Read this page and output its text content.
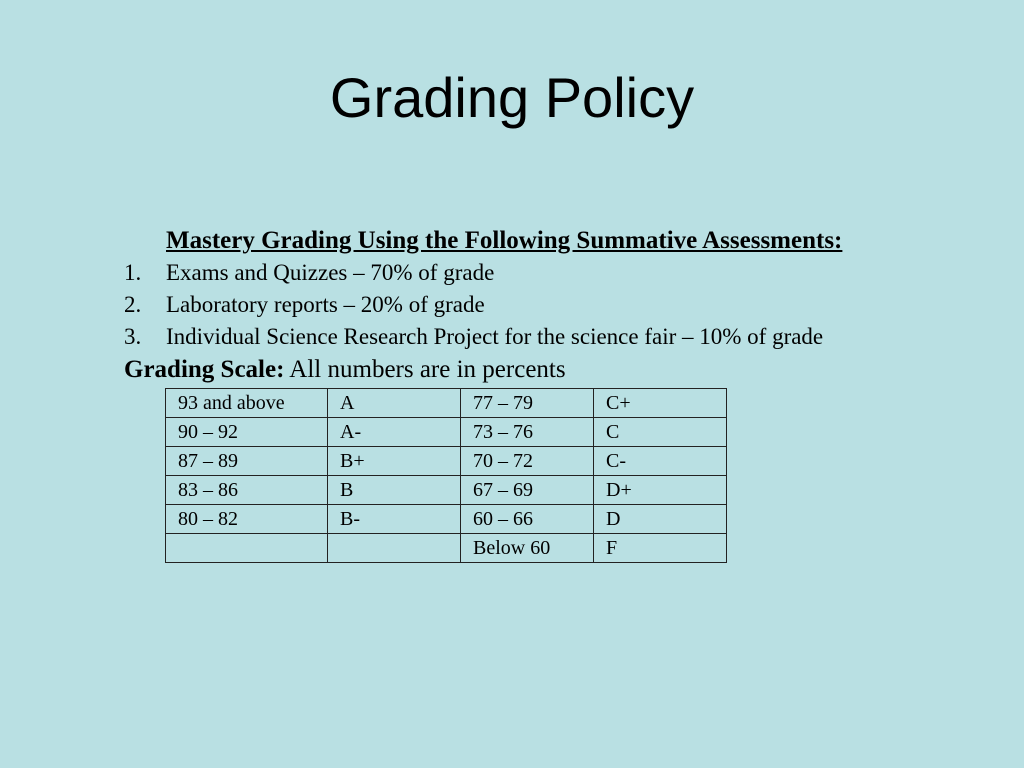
Grading Policy
Mastery Grading Using the Following Summative Assessments:
1. Exams and Quizzes – 70% of grade
2. Laboratory reports – 20% of grade
3. Individual Science Research Project for the science fair – 10% of grade
Grading Scale: All numbers are in percents
93 and above	A	77 – 79	C+
90 – 92	A-	73 – 76	C
87 – 89	B+	70 – 72	C-
83 – 86	B	67 – 69	D+
80 – 82	B-	60 – 66	D
		Below 60	F
